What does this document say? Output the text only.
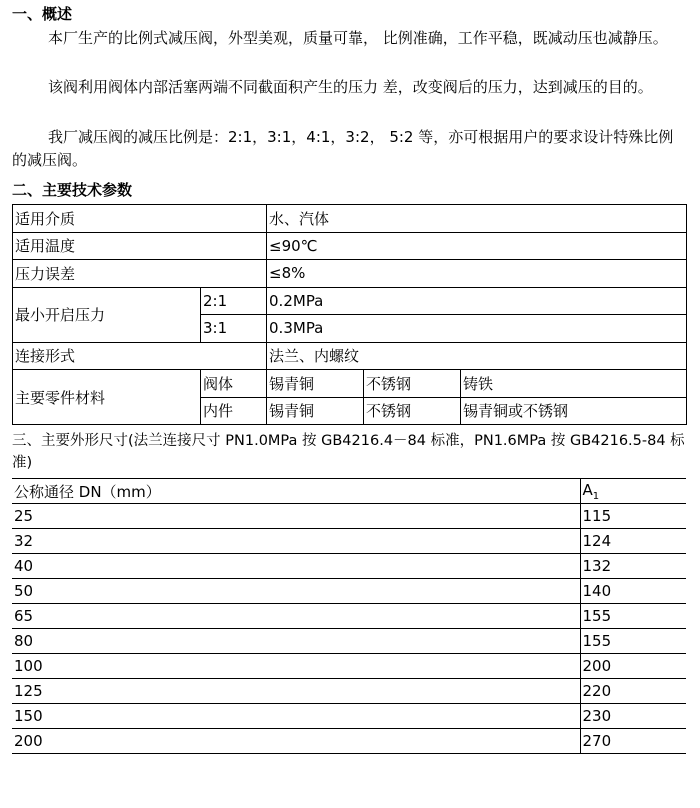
一、概述
本厂生产的比例式减压阀，外型美观，质量可靠， 比例准确，工作平稳，既减动压也减静压。
该阀利用阀体内部活塞两端不同截面积产生的压力 差，改变阀后的压力，达到减压的目的。
我厂减压阀的减压比例是：2:1，3:1，4:1，3:2， 5:2 等，亦可根据用户的要求设计特殊比例的减压阀。
二、主要技术参数
适用介质		水、汽体		
适用温度		≤90℃		
压力误差		≤8%		
最小开启压力	2:1	0.2MPa		
	3:1	0.3MPa		
连接形式		法兰、内螺纹		
主要零件材料	阀体	锡青铜	不锈钢	铸铁
	内件	锡青铜	不锈钢	锡青铜或不锈钢
三、主要外形尺寸(法兰连接尺寸 PN1.0MPa 按 GB4216.4－84 标准，PN1.6MPa 按 GB4216.5-84 标准)
公称通径 DN（mm）	$A_1$
25	115
32	124
40	132
50	140
65	155
80	155
100	200
125	220
150	230
200	270
